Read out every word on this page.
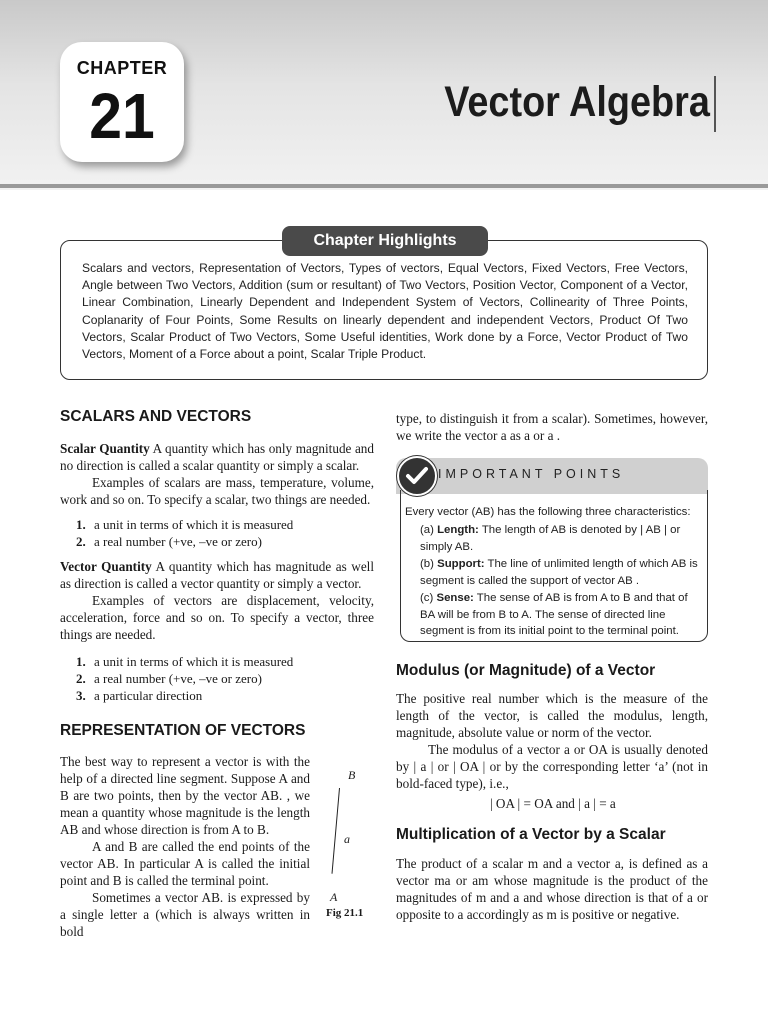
CHAPTER
21	Vector Algebra
Chapter Highlights
Scalars and vectors, Representation of Vectors, Types of vectors, Equal Vectors, Fixed Vectors, Free Vectors, Angle between Two Vectors, Addition (sum or resultant) of Two Vectors, Position Vector, Component of a Vector, Linear Combination, Linearly Dependent and Independent System of Vectors, Collinearity of Three Points, Coplanarity of Four Points, Some Results on linearly dependent and independent Vectors, Product Of Two Vectors, Scalar Product of Two Vectors, Some Useful identities, Work done by a Force, Vector Product of Two Vectors, Moment of a Force about a point, Scalar Triple Product.
SCALARS AND VECTORS
Scalar Quantity A quantity which has only magnitude and no direction is called a scalar quantity or simply a scalar.
Examples of scalars are mass, temperature, volume, work and so on. To specify a scalar, two things are needed.
1. a unit in terms of which it is measured
2. a real number (+ve, –ve or zero)
Vector Quantity A quantity which has magnitude as well as direction is called a vector quantity or simply a vector.
Examples of vectors are displacement, velocity, acceleration, force and so on. To specify a vector, three things are needed.
1. a unit in terms of which it is measured
2. a real number (+ve, –ve or zero)
3. a particular direction
REPRESENTATION OF VECTORS
The best way to represent a vector is with the help of a directed line segment. Suppose A and B are two points, then by the vector AB. , we mean a quantity whose magnitude is the length AB and whose direction is from A to B.
A and B are called the end points of the vector AB. In particular A is called the initial point and B is called the terminal point.
Sometimes a vector AB. is expressed by a single letter a (which is always written in bold
B
a
A
Fig 21.1
type, to distinguish it from a scalar). Sometimes, however, we write the vector a as a or a .
IMPORTANT POINTS
Every vector (AB) has the following three characteristics:
(a) Length: The length of AB is denoted by | AB | or simply AB.
(b) Support: The line of unlimited length of which AB is segment is called the support of vector AB .
(c) Sense: The sense of AB is from A to B and that of BA will be from B to A. The sense of directed line segment is from its initial point to the terminal point.
Modulus (or Magnitude) of a Vector
The positive real number which is the measure of the length of the vector, is called the modulus, length, magnitude, absolute value or norm of the vector.
The modulus of a vector a or OA is usually denoted by | a | or | OA | or by the corresponding letter ‘a’ (not in bold-faced type), i.e.,
| OA | = OA and | a | = a
Multiplication of a Vector by a Scalar
The product of a scalar m and a vector a, is defined as a vector ma or am whose magnitude is the product of the magnitudes of m and a and whose direction is that of a or opposite to a accordingly as m is positive or negative.
